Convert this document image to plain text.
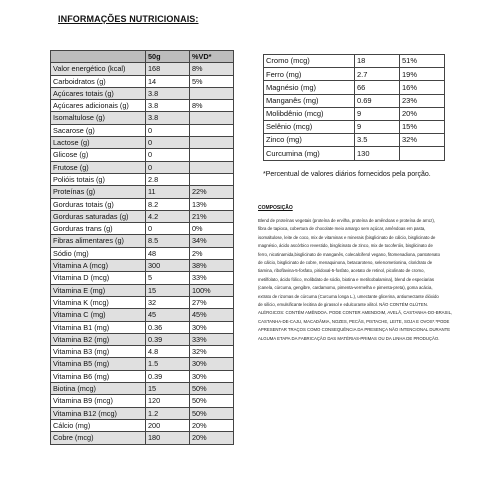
INFORMAÇÕES NUTRICIONAIS:
	50g	%VD*
Valor energético (kcal)	168	8%
Carboidratos (g)	14	5%
Açúcares totais (g)	3.8	
Açúcares adicionais (g)	3.8	8%
Isomaltulose (g)	3.8	
Sacarose (g)	0	
Lactose (g)	0	
Glicose (g)	0	
Frutose (g)	0	
Polióis totais (g)	2.8	
Proteínas (g)	11	22%
Gorduras totais (g)	8.2	13%
Gorduras saturadas (g)	4.2	21%
Gorduras trans (g)	0	0%
Fibras alimentares (g)	8.5	34%
Sódio (mg)	48	2%
Vitamina A (mcg)	300	38%
Vitamina D (mcg)	5	33%
Vitamina E (mg)	15	100%
Vitamina K (mcg)	32	27%
Vitamina C (mg)	45	45%
Vitamina B1 (mg)	0.36	30%
Vitamina B2 (mg)	0.39	33%
Vitamina B3 (mg)	4.8	32%
Vitamina B5 (mg)	1.5	30%
Vitamina B6 (mg)	0.39	30%
Biotina (mcg)	15	50%
Vitamina B9 (mcg)	120	50%
Vitamina B12 (mcg)	1.2	50%
Cálcio (mg)	200	20%
Cobre (mcg)	180	20%
Cromo (mcg)	18	51%
Ferro (mg)	2.7	19%
Magnésio (mg)	66	16%
Manganês (mg)	0.69	23%
Molibdênio (mcg)	9	20%
Selênio (mcg)	9	15%
Zinco (mg)	3.5	32%
Curcumina (mg)	130	
*Percentual de valores diários fornecidos pela porção.
COMPOSIÇÃO
Blend de proteínas vegetais (proteína de ervilha, proteína de amêndoas e proteína de arroz),
fibra de tapioca, cobertura de chocolate meio amargo sem açúcar, amêndoas em pasta,
isomaltulose, leite de coco, mix de vitaminas e minerais (bisglicinato de cálcio, bisglicinato de
magnésio, ácido ascórbico revestido, bisglicinato de zinco, mix de tocoferóis, bisglicinato de
ferro, nicotinamida,bisglicinato de manganês, colecalciferol vegano, fitomenadiona, pantotenato
de cálcio, bisglicinato de cobre, menaquinona, betacaroteno, selenometionina, cloridrato de
tiamina, riboflavina-5-fosfato, piridoxal-5-fosfato, acetato de retinol, picolinato de cromo,
metilfolato, ácido fólico, molibdato de sódio, biotina e metilcobalamina), blend de especiarias
(canela, cúrcuma, gengibre, cardamomo, pimenta-vermelha e pimenta-preta), goma acácia,
extrato de rizomas de cúrcuma (Curcuma longa L.), umectante glicerina, antiumectante dióxido
de silício, emulsificante lecitina de girassol e edulcorante xilitol. NÃO CONTÉM GLÚTEN.
ALÉRGICOS: CONTÉM AMÊNDOA. PODE CONTER AMENDOIM, AVELÃ, CASTANHA-DO-BRASIL,
CASTANHA-DE-CAJU, MACADÂMIA, NOZES, PECÃS, PISTACHE, LEITE, SOJA E OVOS*.*PODE
APRESENTAR TRAÇOS COMO CONSEQUÊNCIA DA PRESENÇA NÃO INTENCIONAL DURANTE
ALGUMA ETAPA DA FABRICAÇÃO DAS MATÉRIAS-PRIMAS OU DA LINHA DE PRODUÇÃO.
